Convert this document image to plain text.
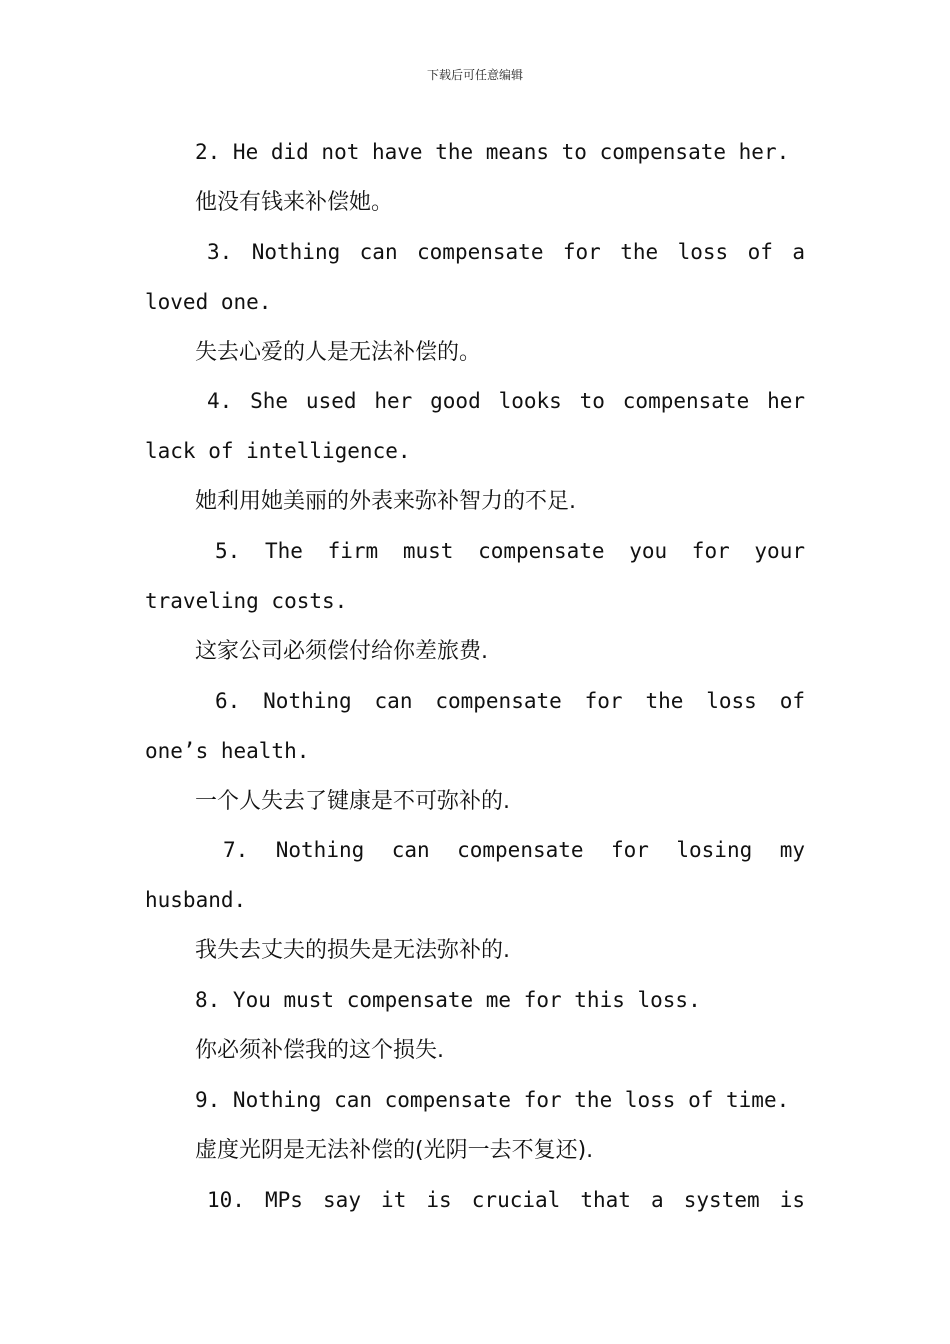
下载后可任意编辑
2. He did not have the means to compensate her.
他没有钱来补偿她。
3. Nothing can compensate for the loss of a
loved one.
失去心爱的人是无法补偿的。
4. She used her good looks to compensate her
lack of intelligence.
她利用她美丽的外表来弥补智力的不足.
5. The firm must compensate you for your
traveling costs.
这家公司必须偿付给你差旅费.
6. Nothing can compensate for the loss of
one’s health.
一个人失去了键康是不可弥补的.
7. Nothing can compensate for losing my
husband.
我失去丈夫的损失是无法弥补的.
8. You must compensate me for this loss.
你必须补偿我的这个损失.
9. Nothing can compensate for the loss of time.
虚度光阴是无法补偿的(光阴一去不复还).
10. MPs say it is crucial that a system is
